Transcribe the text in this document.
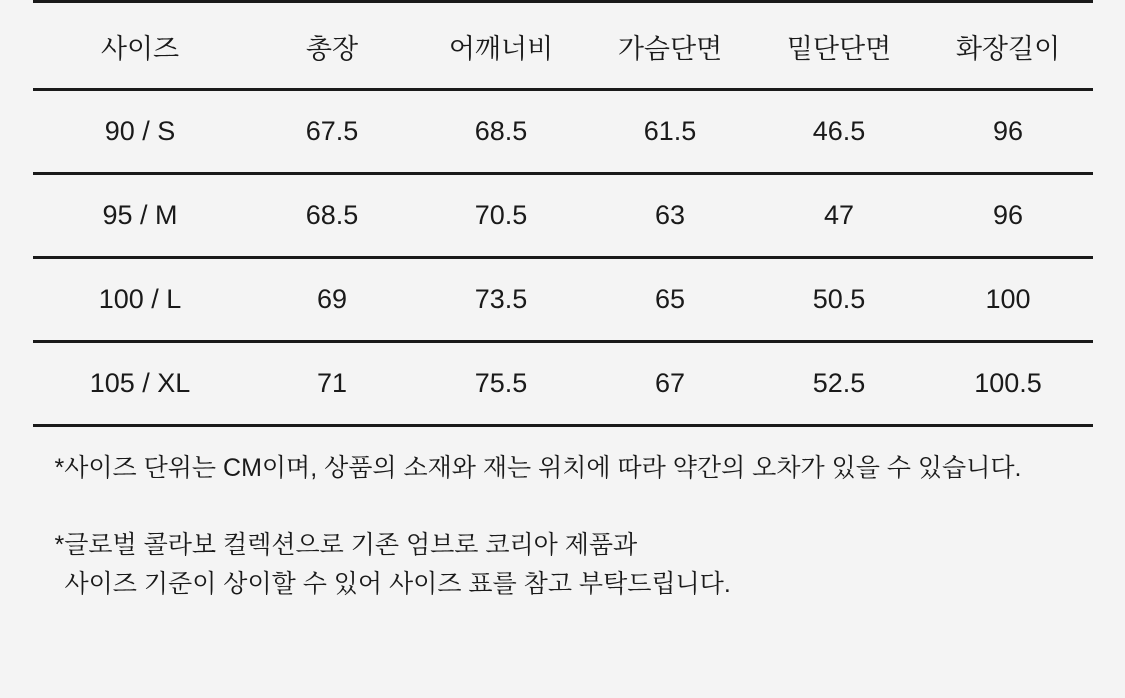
사이즈	총장	어깨너비	가슴단면	밑단단면	화장길이
90 / S	67.5	68.5	61.5	46.5	96
95 / M	68.5	70.5	63	47	96
100 / L	69	73.5	65	50.5	100
105 / XL	71	75.5	67	52.5	100.5
*사이즈 단위는 CM이며, 상품의 소재와 재는 위치에 따라 약간의 오차가 있을 수 있습니다.
*글로벌 콜라보 컬렉션으로 기존 엄브로 코리아 제품과
사이즈 기준이 상이할 수 있어 사이즈 표를 참고 부탁드립니다.
